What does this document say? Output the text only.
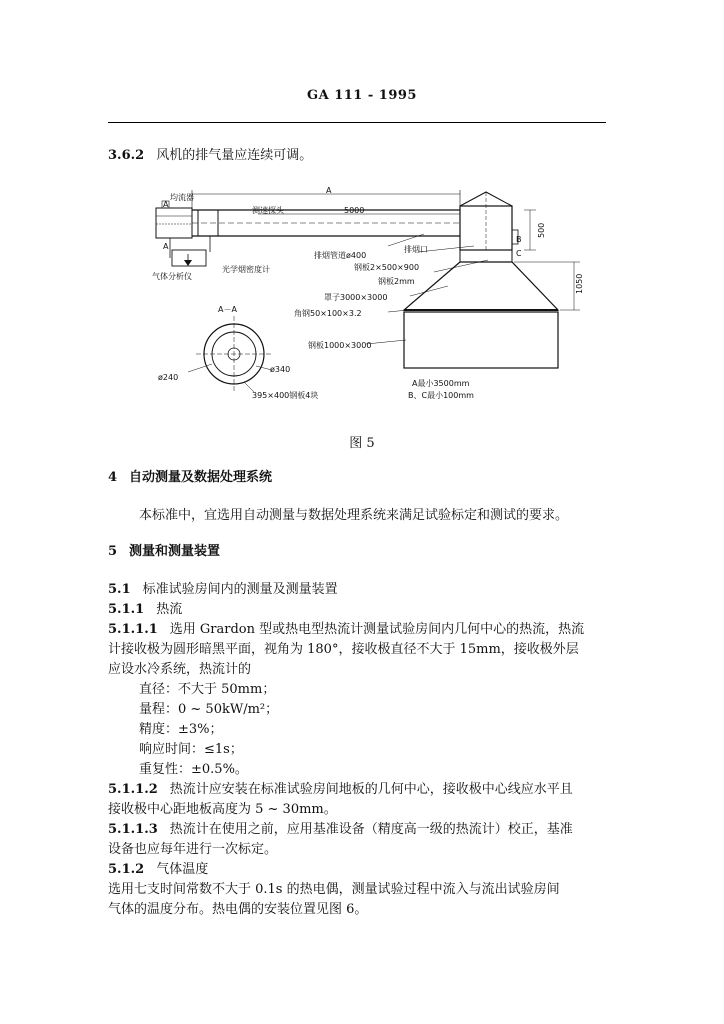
GA 111 - 1995
3.6.2 风机的排气量应连续可调。
均流器
A
A
A
测速探头	5000
气体分析仪
光学烟密度计
排烟管道ø400
排烟口
钢板2×500×900
钢板2mm
罩子3000×3000
角钢50×100×3.2
钢板1000×3000
A－A
ø240
ø340
395×400钢板4块
B
C
500
1050
A最小3500mm
B、C最小100mm
图 5
4 自动测量及数据处理系统
本标准中，宜选用自动测量与数据处理系统来满足试验标定和测试的要求。
5 测量和测量装置
5.1 标准试验房间内的测量及测量装置
5.1.1 热流
5.1.1.1 选用 Grardon 型或热电型热流计测量试验房间内几何中心的热流，热流
计接收极为圆形暗黑平面，视角为 180°，接收极直径不大于 15mm，接收极外层
应设水冷系统，热流计的
直径：不大于 50mm；
量程：0 ~ 50kW/m²；
精度：±3%；
响应时间：≤1s；
重复性：±0.5%。
5.1.1.2 热流计应安装在标准试验房间地板的几何中心，接收极中心线应水平且
接收极中心距地板高度为 5 ~ 30mm。
5.1.1.3 热流计在使用之前，应用基准设备（精度高一级的热流计）校正，基准
设备也应每年进行一次标定。
5.1.2 气体温度
选用七支时间常数不大于 0.1s 的热电偶，测量试验过程中流入与流出试验房间
气体的温度分布。热电偶的安装位置见图 6。
